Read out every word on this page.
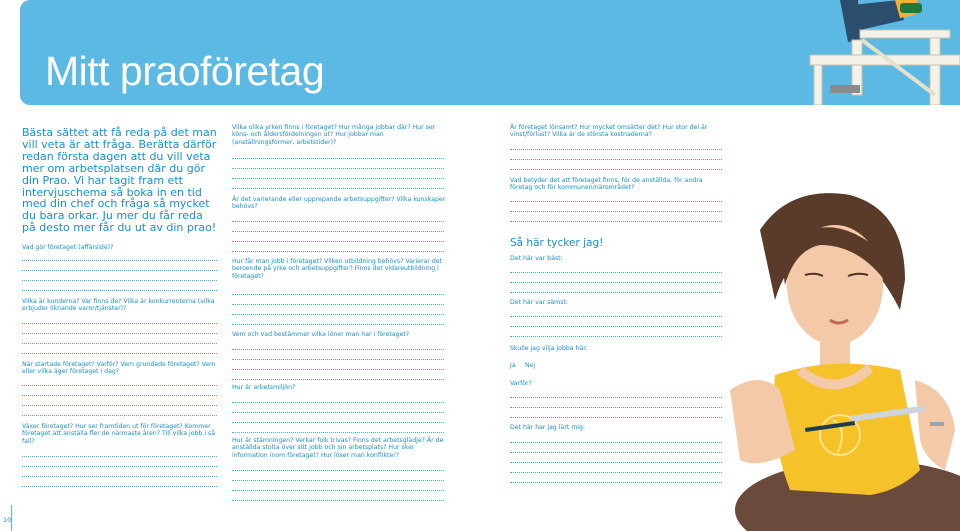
Mitt praoföretag
Bästa sättet att få reda på det man vill veta är att fråga. Berätta därför redan första dagen att du vill veta mer om arbetsplatsen där du gör din Prao. Vi har tagit fram ett intervjuschema så boka in en tid med din chef och fråga så mycket du bara orkar. Ju mer du får reda på desto mer får du ut av din prao!
Vad gör företaget (affärsidé)?
Vilka är kunderna? Var finns de? Vilka är konkurrenterna (vilka erbjuder liknande varor/tjänster)?
När startade företaget? Varför? Vem grundade företaget? Vem eller vilka äger företaget i dag?
Växer företaget? Hur ser framtiden ut för företaget? Kommer företaget att anställa fler de närmaste åren? Till vilka jobb i så fall?
Vilka olika yrken finns i företaget? Hur många jobbar där? Hur ser köns- och åldersfördelningen ut? Hur jobbar man (anställningsformer, arbetstider)?
Är det varierande eller upprepande arbetsuppgifter? Vilka kunskaper behövs?
Hur får man jobb i företaget? Vilken utbildning behövs? Varierar det beroende på yrke och arbetsuppgifter? Finns det vidareutbildning i företaget?
Vem och vad bestämmer vilka löner man har i företaget?
Hur är arbetsmiljön?
Hur är stämningen? Verkar folk trivas? Finns det arbetsglädje? Är de anställda stolta över sitt jobb och sin arbetsplats? Hur sker information inom företaget? Hur löser man konflikter?
Är företaget lönsamt? Hur mycket omsätter det? Hur stor del är vinst/förlust? Vilka är de största kostnaderna?
Vad betyder det att företaget finns, för de anställda, för andra företag och för kommunen/närområdet?
Så här tycker jag!
Det här var bäst:
Det här var sämst:
Skulle jag vilja jobba här:
Ja Nej
Varför?
Det här har jag lärt mig:
10
